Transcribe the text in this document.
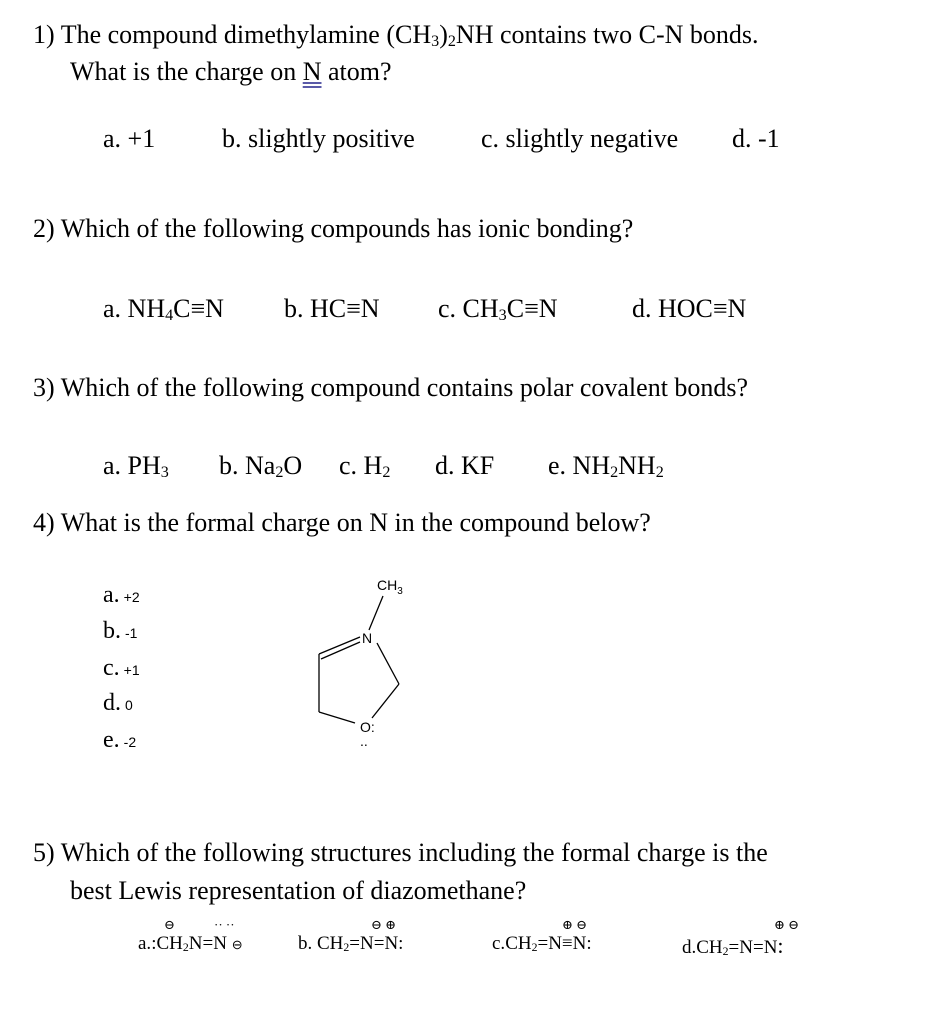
1) The compound dimethylamine $(CH_3)_2NH$ contains two C-N bonds.
What is the charge on N atom?
a. +1	b. slightly positive	c. slightly negative d. -1
2) Which of the following compounds has ionic bonding?
a. $NH_4C\equiv N$ b. HC≡N c. $CH_3C\equiv N$	d. HOC≡N
3) Which of the following compound contains polar covalent bonds?
a. $PH_3$ b. $Na_2O$ c. $H_2$ d. KF e. $NH_2NH_2$
4) What is the formal charge on N in the compound below?
a. +2
b. -1
c. +1
d. 0
e. -2
$CH_3$
N
O:
..
5) Which of the following structures including the formal charge is the
best Lewis representation of diazomethane?
$a.:CH_2N=N$ ⊖
⊖	·· ··
b. $CH_2=N=N$:
⊖ ⊕
$c.CH_2=N\equiv N$:
⊕ ⊖
$d.CH_2=N=N$:
⊕ ⊖
